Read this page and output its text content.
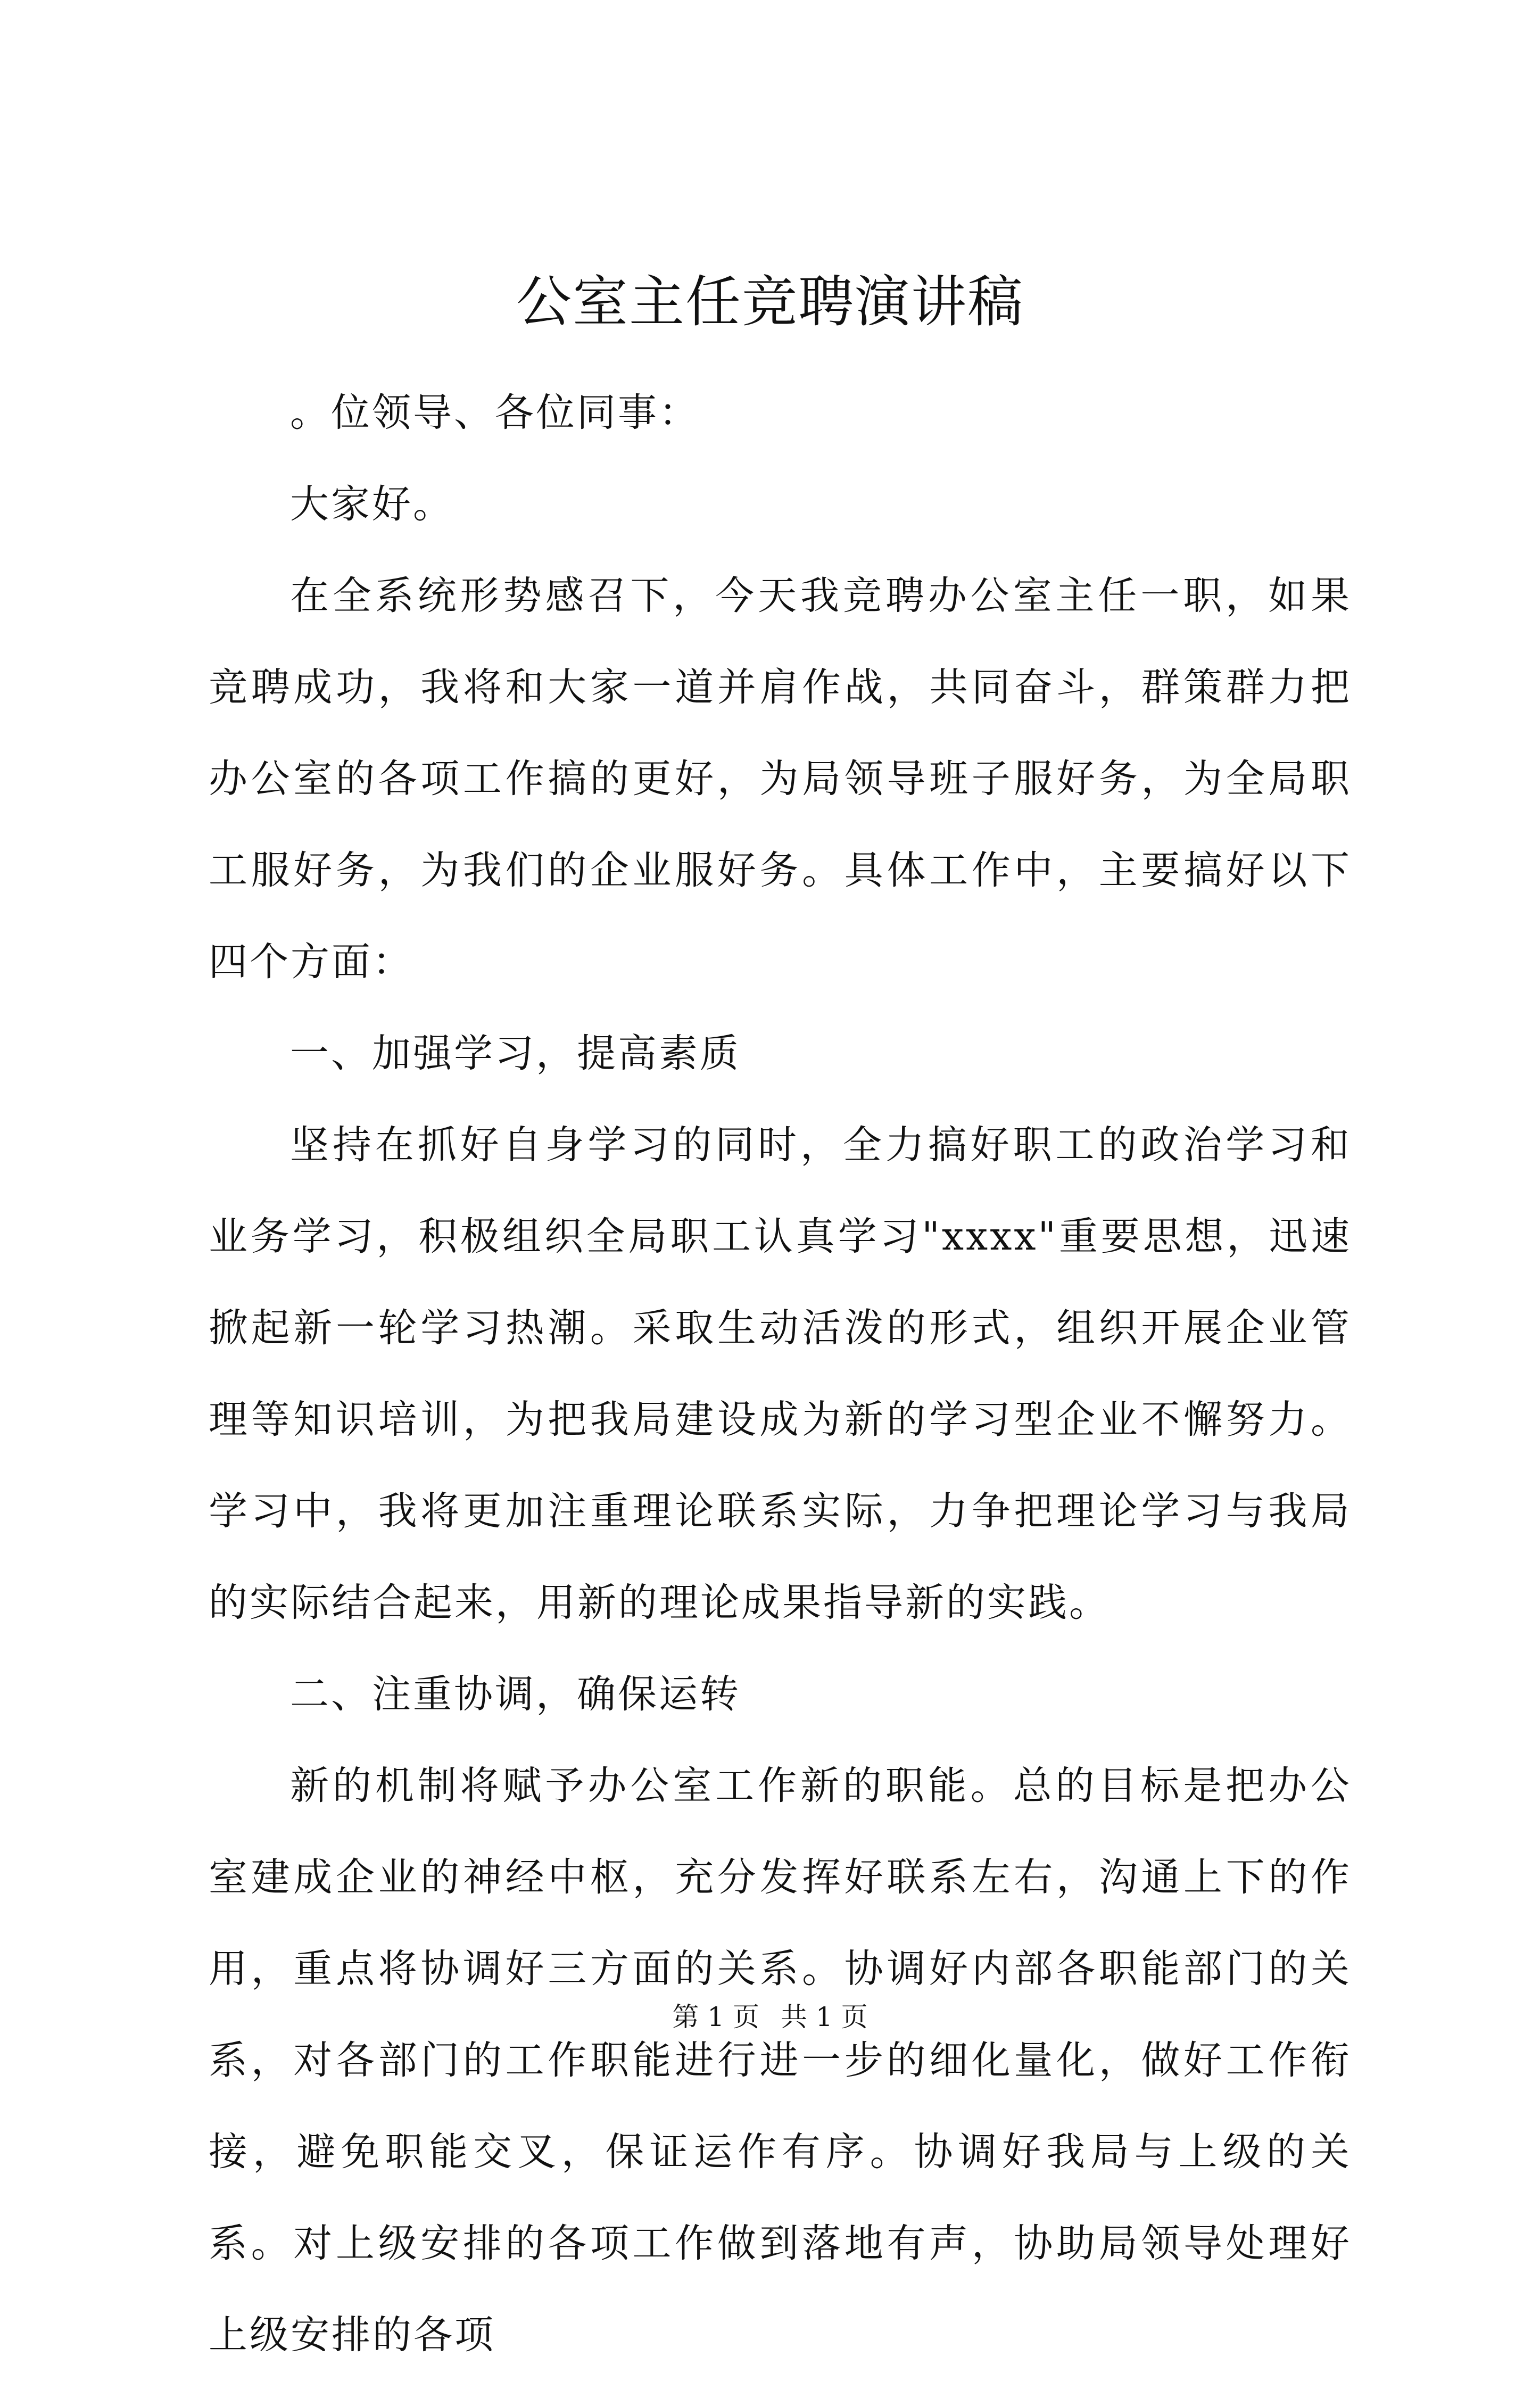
公室主任竞聘演讲稿

。位领导、各位同事：

大家好。

在全系统形势感召下，今天我竞聘办公室主任一职，如果竞聘成功，我将和大家一道并肩作战，共同奋斗，群策群力把办公室的各项工作搞的更好，为局领导班子服好务，为全局职工服好务，为我们的企业服好务。具体工作中，主要搞好以下四个方面：

一、加强学习，提高素质

坚持在抓好自身学习的同时，全力搞好职工的政治学习和业务学习，积极组织全局职工认真学习"xxxx"重要思想，迅速掀起新一轮学习热潮。采取生动活泼的形式，组织开展企业管理等知识培训，为把我局建设成为新的学习型企业不懈努力。学习中，我将更加注重理论联系实际，力争把理论学习与我局的实际结合起来，用新的理论成果指导新的实践。

二、注重协调，确保运转

新的机制将赋予办公室工作新的职能。总的目标是把办公室建成企业的神经中枢，充分发挥好联系左右，沟通上下的作用，重点将协调好三方面的关系。协调好内部各职能部门的关系，对各部门的工作职能进行进一步的细化量化，做好工作衔接，避免职能交叉，保证运作有序。协调好我局与上级的关系。对上级安排的各项工作做到落地有声，协助局领导处理好上级安排的各项

第 1 页 共 1 页
